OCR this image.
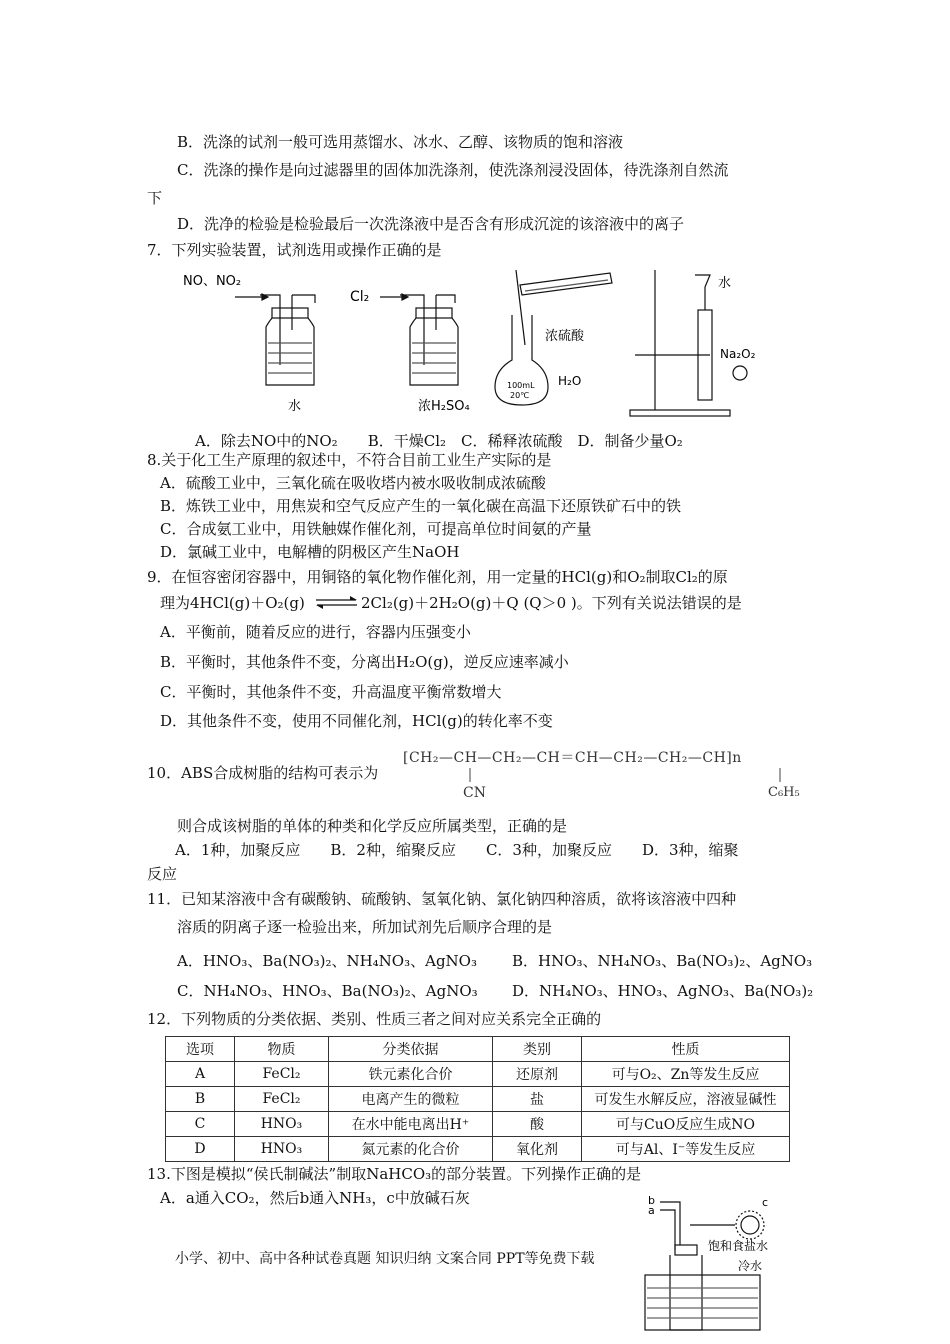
B．洗涤的试剂一般可选用蒸馏水、冰水、乙醇、该物质的饱和溶液
C．洗涤的操作是向过滤器里的固体加洗涤剂，使洗涤剂浸没固体，待洗涤剂自然流
下
D．洗净的检验是检验最后一次洗涤液中是否含有形成沉淀的该溶液中的离子
7．下列实验装置，试剂选用或操作正确的是
NO、NO₂
水
Cl₂
浓H₂SO₄
浓硫酸
H₂O
100mL
20℃
水
Na₂O₂
A．除去NO中的NO₂　　B．干燥Cl₂　C．稀释浓硫酸　D．制备少量O₂
8.关于化工生产原理的叙述中，不符合目前工业生产实际的是
A．硫酸工业中，三氧化硫在吸收塔内被水吸收制成浓硫酸
B．炼铁工业中，用焦炭和空气反应产生的一氧化碳在高温下还原铁矿石中的铁
C．合成氨工业中，用铁触媒作催化剂，可提高单位时间氨的产量
D．氯碱工业中，电解槽的阴极区产生NaOH
9．在恒容密闭容器中，用铜铬的氧化物作催化剂，用一定量的HCl(g)和O₂制取Cl₂的原
理为4HCl(g)＋O₂(g) ⇌ 2Cl₂(g)＋2H₂O(g)＋Q (Q＞0 )。下列有关说法错误的是
A．平衡前，随着反应的进行，容器内压强变小
B．平衡时，其他条件不变，分离出H₂O(g)，逆反应速率减小
C．平衡时，其他条件不变，升高温度平衡常数增大
D．其他条件不变，使用不同催化剂，HCl(g)的转化率不变
10．ABS合成树脂的结构可表示为
[CH₂—CH—CH₂—CH＝CH—CH₂—CH₂—CH]n
CN	C₆H₅
则合成该树脂的单体的种类和化学反应所属类型，正确的是
A．1种，加聚反应　　B．2种，缩聚反应　　C．3种，加聚反应　　D．3种，缩聚
反应
11．已知某溶液中含有碳酸钠、硫酸钠、氢氧化钠、氯化钠四种溶质，欲将该溶液中四种
溶质的阴离子逐一检验出来，所加试剂先后顺序合理的是
A．HNO₃、Ba(NO₃)₂、NH₄NO₃、AgNO₃ B．HNO₃、NH₄NO₃、Ba(NO₃)₂、AgNO₃
C．NH₄NO₃、HNO₃、Ba(NO₃)₂、AgNO₃ D．NH₄NO₃、HNO₃、AgNO₃、Ba(NO₃)₂
12．下列物质的分类依据、类别、性质三者之间对应关系完全正确的
选项	物质	分类依据	类别	性质
A	FeCl₂	铁元素化合价	还原剂	可与O₂、Zn等发生反应
B	FeCl₂	电离产生的微粒	盐	可发生水解反应，溶液显碱性
C	HNO₃	在水中能电离出H⁺	酸	可与CuO反应生成NO
D	HNO₃	氮元素的化合价	氧化剂	可与Al、I⁻等发生反应
13.下图是模拟“侯氏制碱法”制取NaHCO₃的部分装置。下列操作正确的是
A．a通入CO₂，然后b通入NH₃，c中放碱石灰	b
a
c
饱和食盐水
冷水
小学、初中、高中各种试卷真题 知识归纳 文案合同 PPT等免费下载
